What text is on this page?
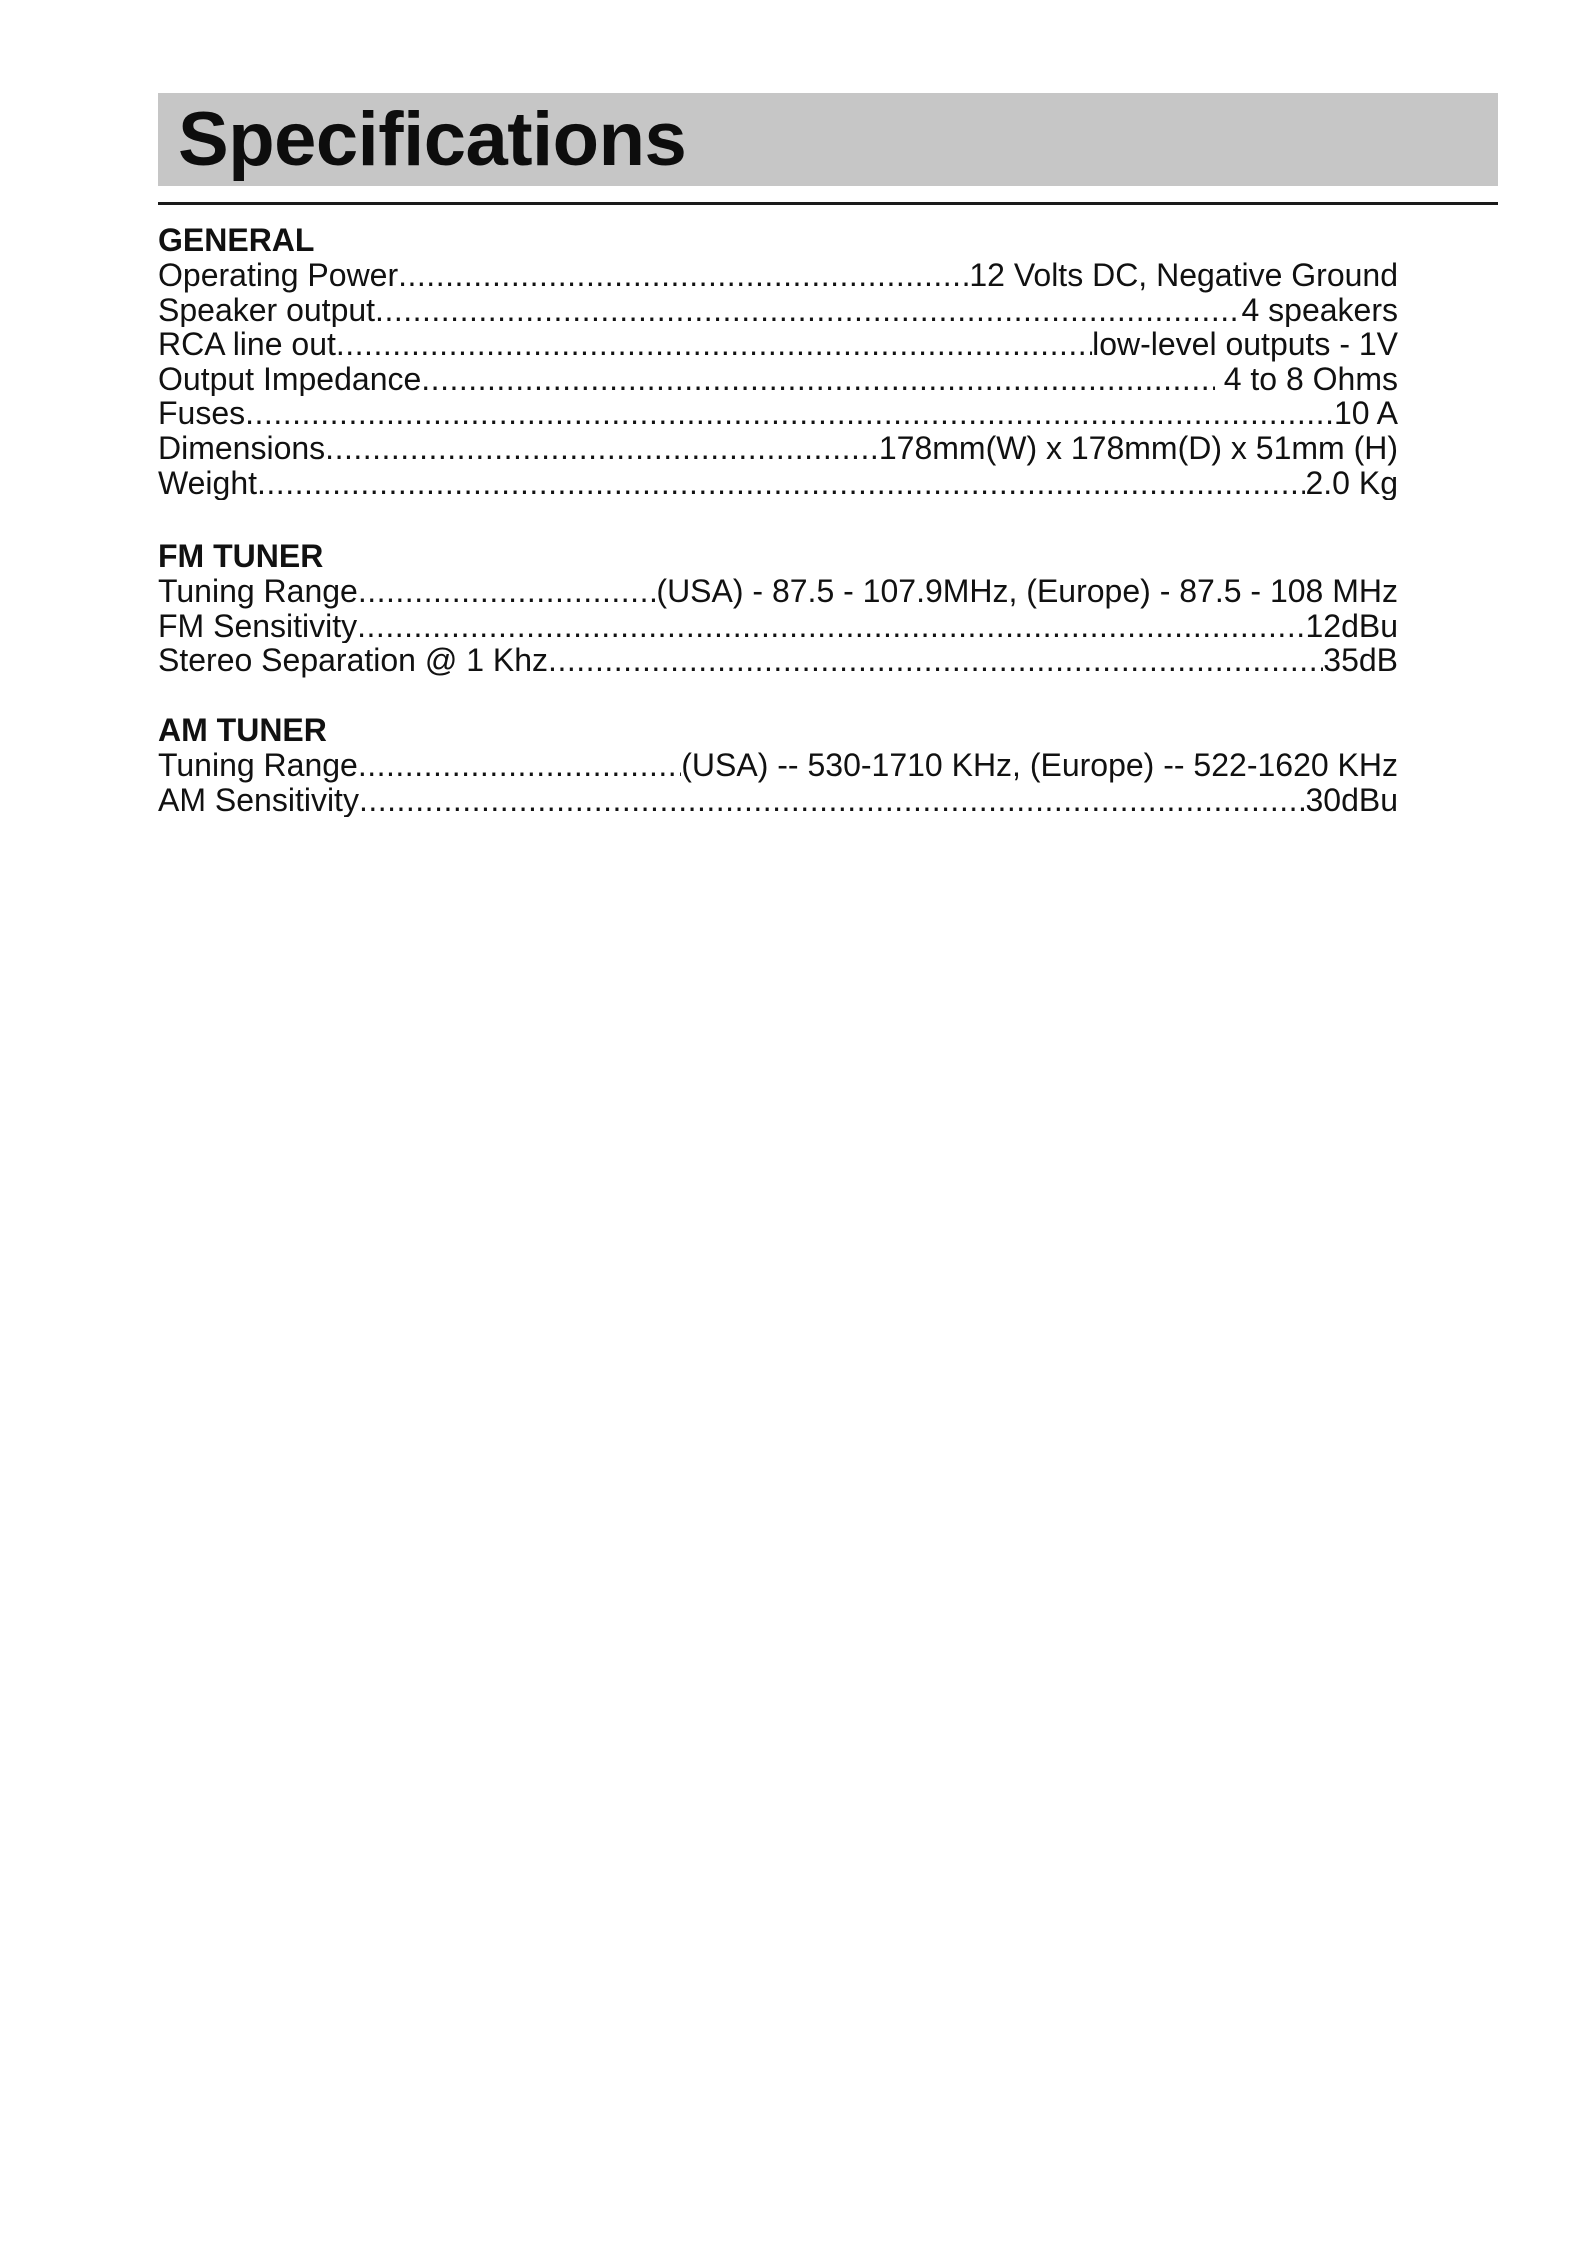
Specifications
GENERAL
Operating Power .....	12 Volts DC, Negative Ground
Speaker output .....	4 speakers
RCA line out .....	low-level outputs - 1V
Output Impedance .....	4 to 8 Ohms
Fuses .....	10 A
Dimensions .....	178mm(W) x 178mm(D) x 51mm (H)
Weight .....	2.0 Kg
FM TUNER
Tuning Range .....	(USA) - 87.5 - 107.9MHz, (Europe) - 87.5 - 108 MHz
FM Sensitivity .....	12dBu
Stereo Separation @ 1 Khz .....	35dB
AM TUNER
Tuning Range .....	(USA) -- 530-1710 KHz, (Europe) -- 522-1620 KHz
AM Sensitivity .....	30dBu
